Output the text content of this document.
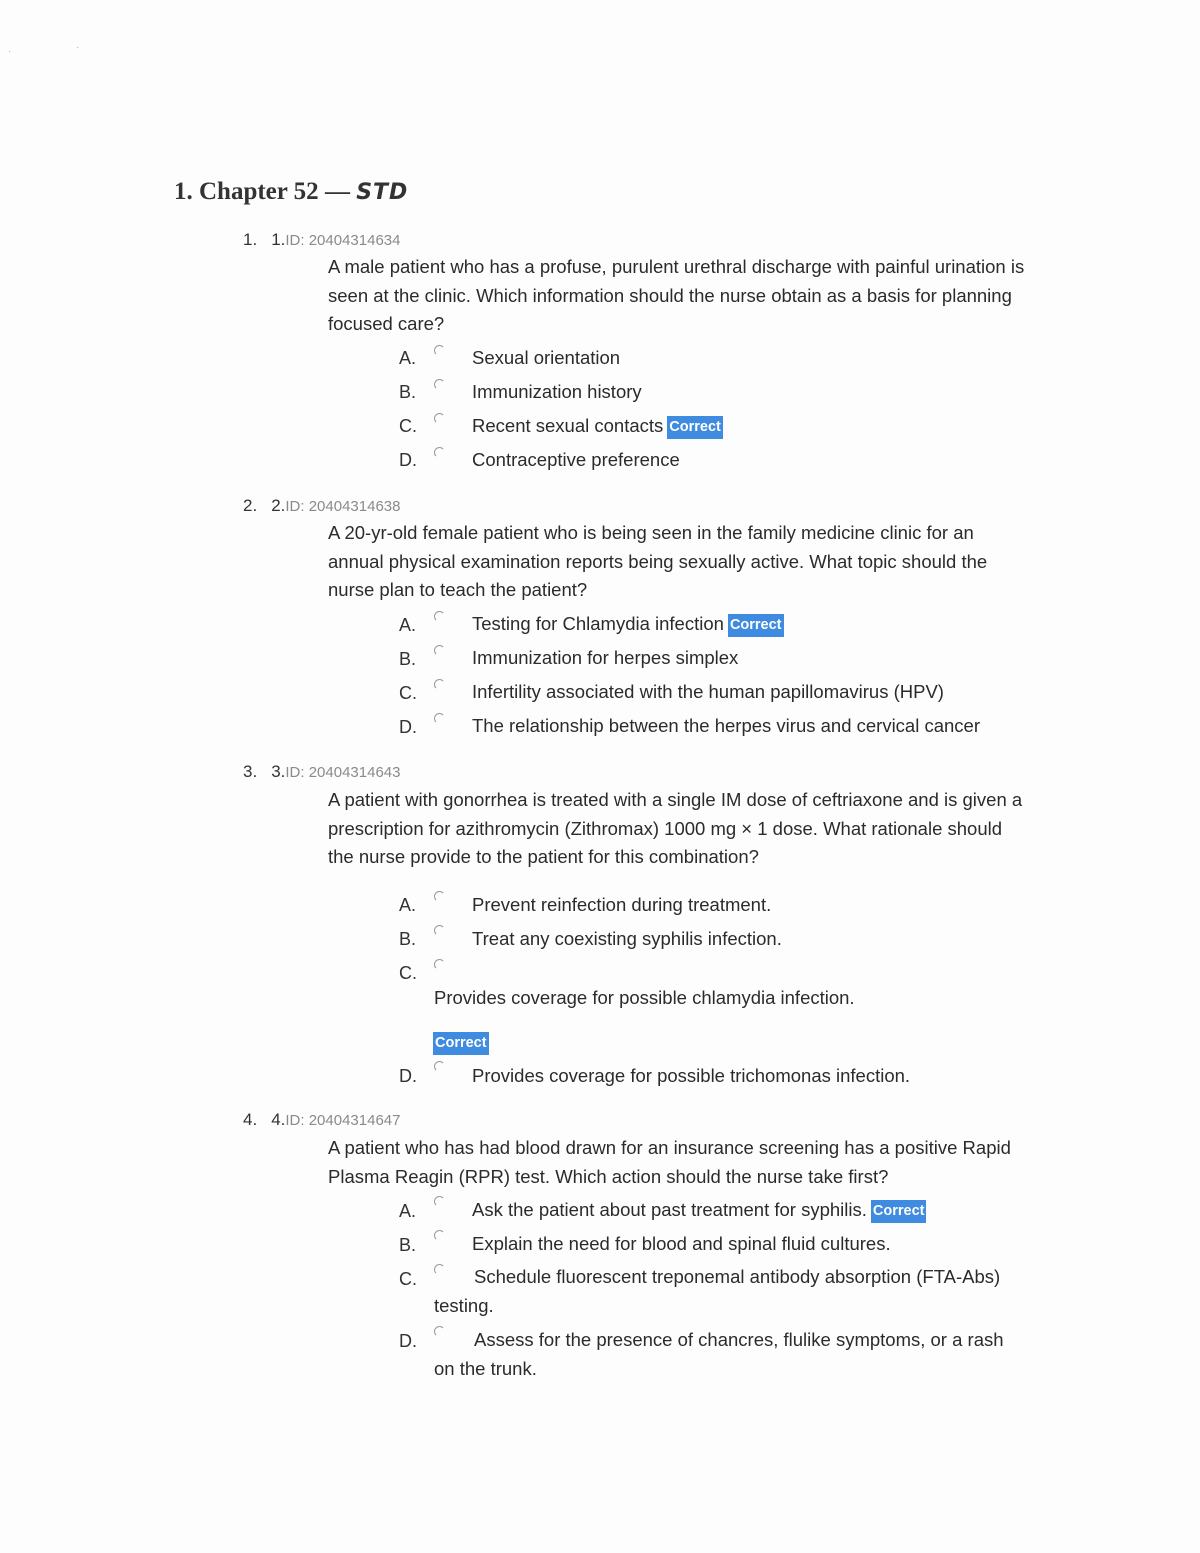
·	·
1. Chapter 52 — STD
1. 1.ID: 20404314634
A male patient who has a profuse, purulent urethral discharge with painful urination is seen at the clinic. Which information should the nurse obtain as a basis for planning focused care?
A.	Sexual orientation
B.	Immunization history
C.	Recent sexual contacts Correct
D.	Contraceptive preference
2. 2.ID: 20404314638
A 20-yr-old female patient who is being seen in the family medicine clinic for an annual physical examination reports being sexually active. What topic should the nurse plan to teach the patient?
A.	Testing for Chlamydia infection Correct
B.	Immunization for herpes simplex
C.	Infertility associated with the human papillomavirus (HPV)
D.	The relationship between the herpes virus and cervical cancer
3. 3.ID: 20404314643
A patient with gonorrhea is treated with a single IM dose of ceftriaxone and is given a prescription for azithromycin (Zithromax) 1000 mg × 1 dose. What rationale should the nurse provide to the patient for this combination?
A.	Prevent reinfection during treatment.
B.	Treat any coexisting syphilis infection.
C.
Provides coverage for possible chlamydia infection.
Correct
D.	Provides coverage for possible trichomonas infection.
4. 4.ID: 20404314647
A patient who has had blood drawn for an insurance screening has a positive Rapid Plasma Reagin (RPR) test. Which action should the nurse take first?
A.	Ask the patient about past treatment for syphilis. Correct
B.	Explain the need for blood and spinal fluid cultures.
C.	Schedule fluorescent treponemal antibody absorption (FTA-Abs) testing.
D.	Assess for the presence of chancres, flulike symptoms, or a rash on the trunk.
